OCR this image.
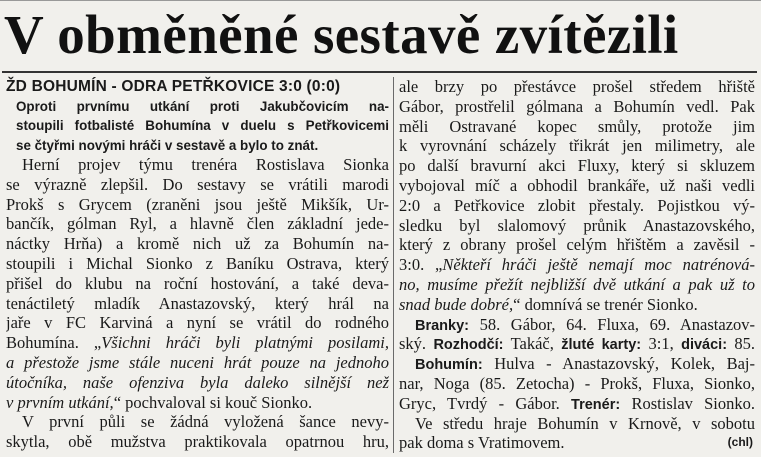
V obměněné sestavě zvítězili
ŽD BOHUMÍN - ODRA PETŘKOVICE 3:0 (0:0)
Oproti prvnímu utkání proti Jakubčovicím na-
stoupili fotbalisté Bohumína v duelu s Petřkovicemi
se čtyřmi novými hráči v sestavě a bylo to znát.
Herní projev týmu trenéra Rostislava Sionka
se výrazně zlepšil. Do sestavy se vrátili marodi
Prokš s Grycem (zraněni jsou ještě Mikšík, Ur-
bančík, gólman Ryl, a hlavně člen základní jede-
náctky Hrňa) a kromě nich už za Bohumín na-
stoupili i Michal Sionko z Baníku Ostrava, který
přišel do klubu na roční hostování, a také deva-
tenáctiletý mladík Anastazovský, který hrál na
jaře v FC Karviná a nyní se vrátil do rodného
Bohumína. „Všichni hráči byli platnými posilami,
a přestože jsme stále nuceni hrát pouze na jednoho
útočníka, naše ofenziva byla daleko silnější než
v prvním utkání,“ pochvaloval si kouč Sionko.
V první půli se žádná vyložená šance nevy-
skytla, obě mužstva praktikovala opatrnou hru,
ale brzy po přestávce prošel středem hřiště
Gábor, prostřelil gólmana a Bohumín vedl. Pak
měli Ostravané kopec smůly, protože jim
k vyrovnání scházely třikrát jen milimetry, ale
po další bravurní akci Fluxy, který si skluzem
vybojoval míč a obhodil brankáře, už naši vedli
2:0 a Petřkovice zlobit přestaly. Pojistkou vý-
sledku byl slalomový průnik Anastazovského,
který z obrany prošel celým hřištěm a zavěsil -
3:0. „Někteří hráči ještě nemají moc natrénová-
no, musíme přežít nejbližší dvě utkání a pak už to
snad bude dobré,“ domnívá se trenér Sionko.
Branky: 58. Gábor, 64. Fluxa, 69. Anastazov-
ský. Rozhodčí: Takáč, žluté karty: 3:1, diváci: 85.
Bohumín: Hulva - Anastazovský, Kolek, Baj-
nar, Noga (85. Zetocha) - Prokš, Fluxa, Sionko,
Gryc, Tvrdý - Gábor. Trenér: Rostislav Sionko.
Ve středu hraje Bohumín v Krnově, v sobotu
pak doma s Vratimovem.	(chl)
